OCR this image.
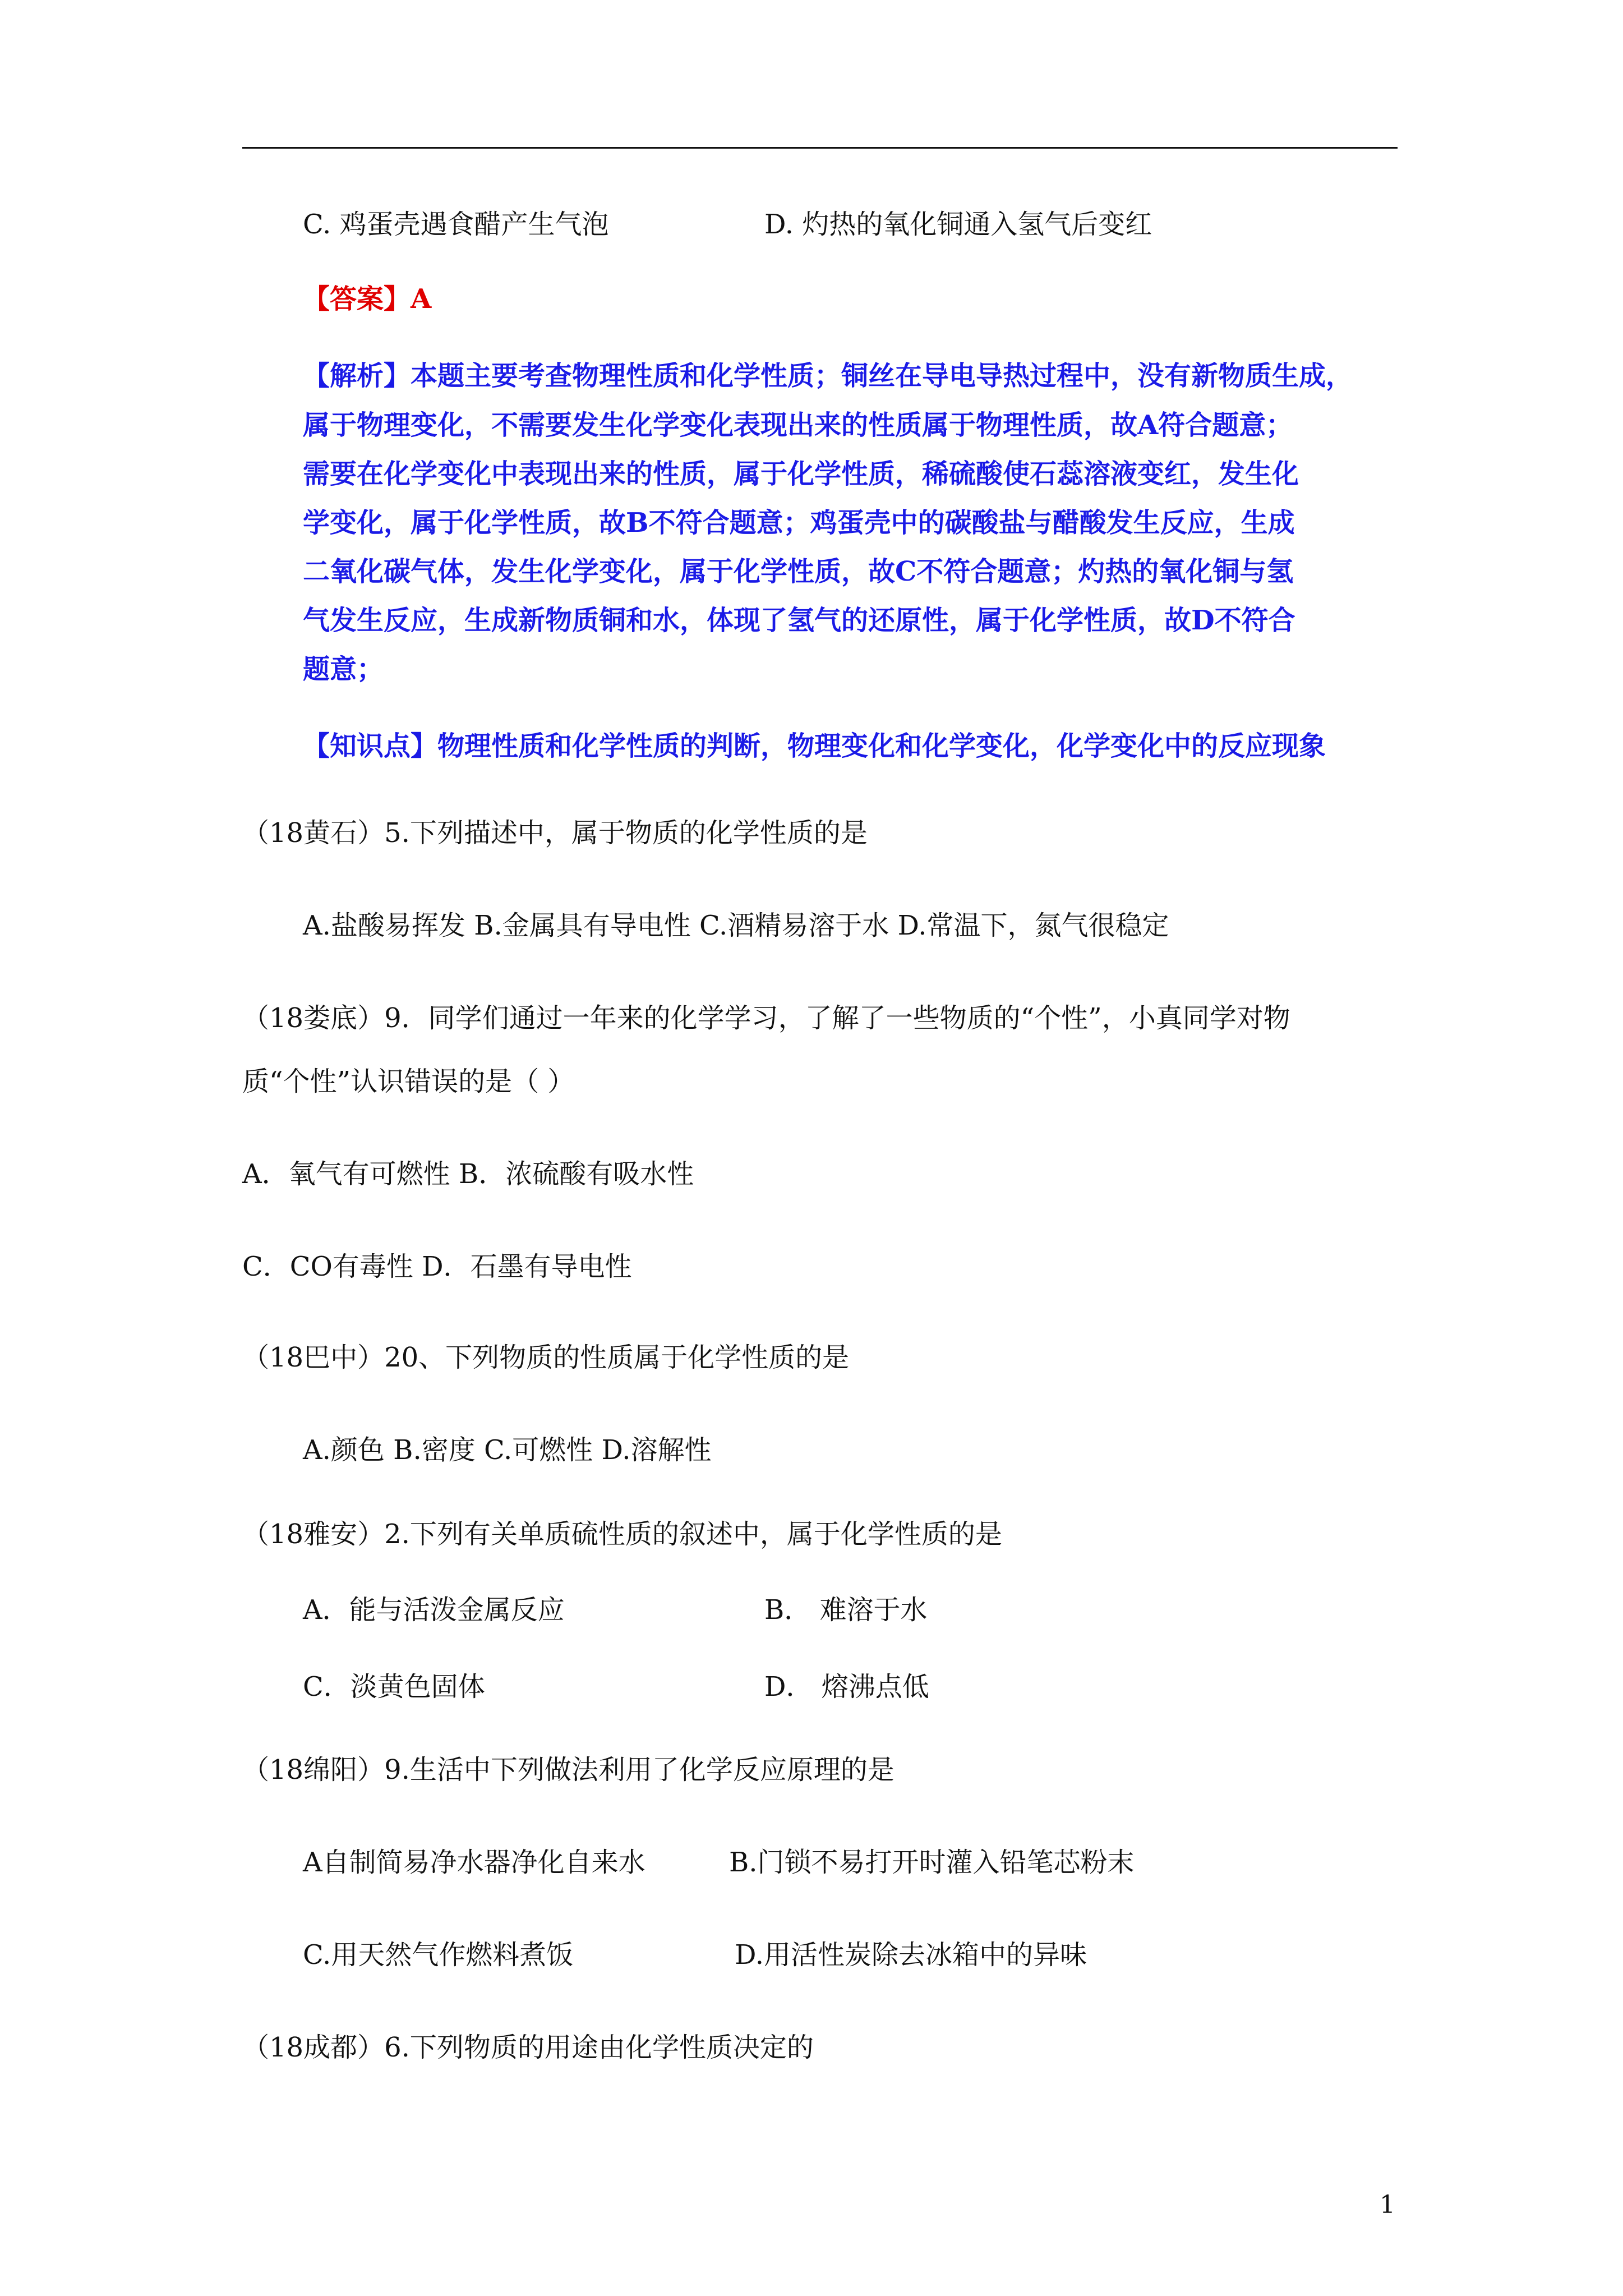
C. 鸡蛋壳遇食醋产生气泡	D. 灼热的氧化铜通入氢气后变红
【答案】A
【解析】本题主要考查物理性质和化学性质；铜丝在导电导热过程中，没有新物质生成，
属于物理变化，不需要发生化学变化表现出来的性质属于物理性质，故A符合题意；
需要在化学变化中表现出来的性质，属于化学性质，稀硫酸使石蕊溶液变红，发生化
学变化，属于化学性质，故B不符合题意；鸡蛋壳中的碳酸盐与醋酸发生反应，生成
二氧化碳气体，发生化学变化，属于化学性质，故C不符合题意；灼热的氧化铜与氢
气发生反应，生成新物质铜和水，体现了氢气的还原性，属于化学性质，故D不符合
题意；
【知识点】物理性质和化学性质的判断，物理变化和化学变化，化学变化中的反应现象
（18黄石）5.下列描述中，属于物质的化学性质的是
A.盐酸易挥发 B.金属具有导电性 C.酒精易溶于水 D.常温下，氮气很稳定
（18娄底）9．同学们通过一年来的化学学习，了解了一些物质的“个性”，小真同学对物
质“个性”认识错误的是（ ）
A．氧气有可燃性 B．浓硫酸有吸水性
C．CO有毒性 D．石墨有导电性
（18巴中）20、下列物质的性质属于化学性质的是
A.颜色 B.密度 C.可燃性 D.溶解性
（18雅安）2.下列有关单质硫性质的叙述中，属于化学性质的是
A．能与活泼金属反应	B． 难溶于水
C．淡黄色固体	D． 熔沸点低
（18绵阳）9.生活中下列做法利用了化学反应原理的是
A自制简易净水器净化自来水	B.门锁不易打开时灌入铅笔芯粉末
C.用天然气作燃料煮饭	D.用活性炭除去冰箱中的异味
（18成都）6.下列物质的用途由化学性质决定的
1
